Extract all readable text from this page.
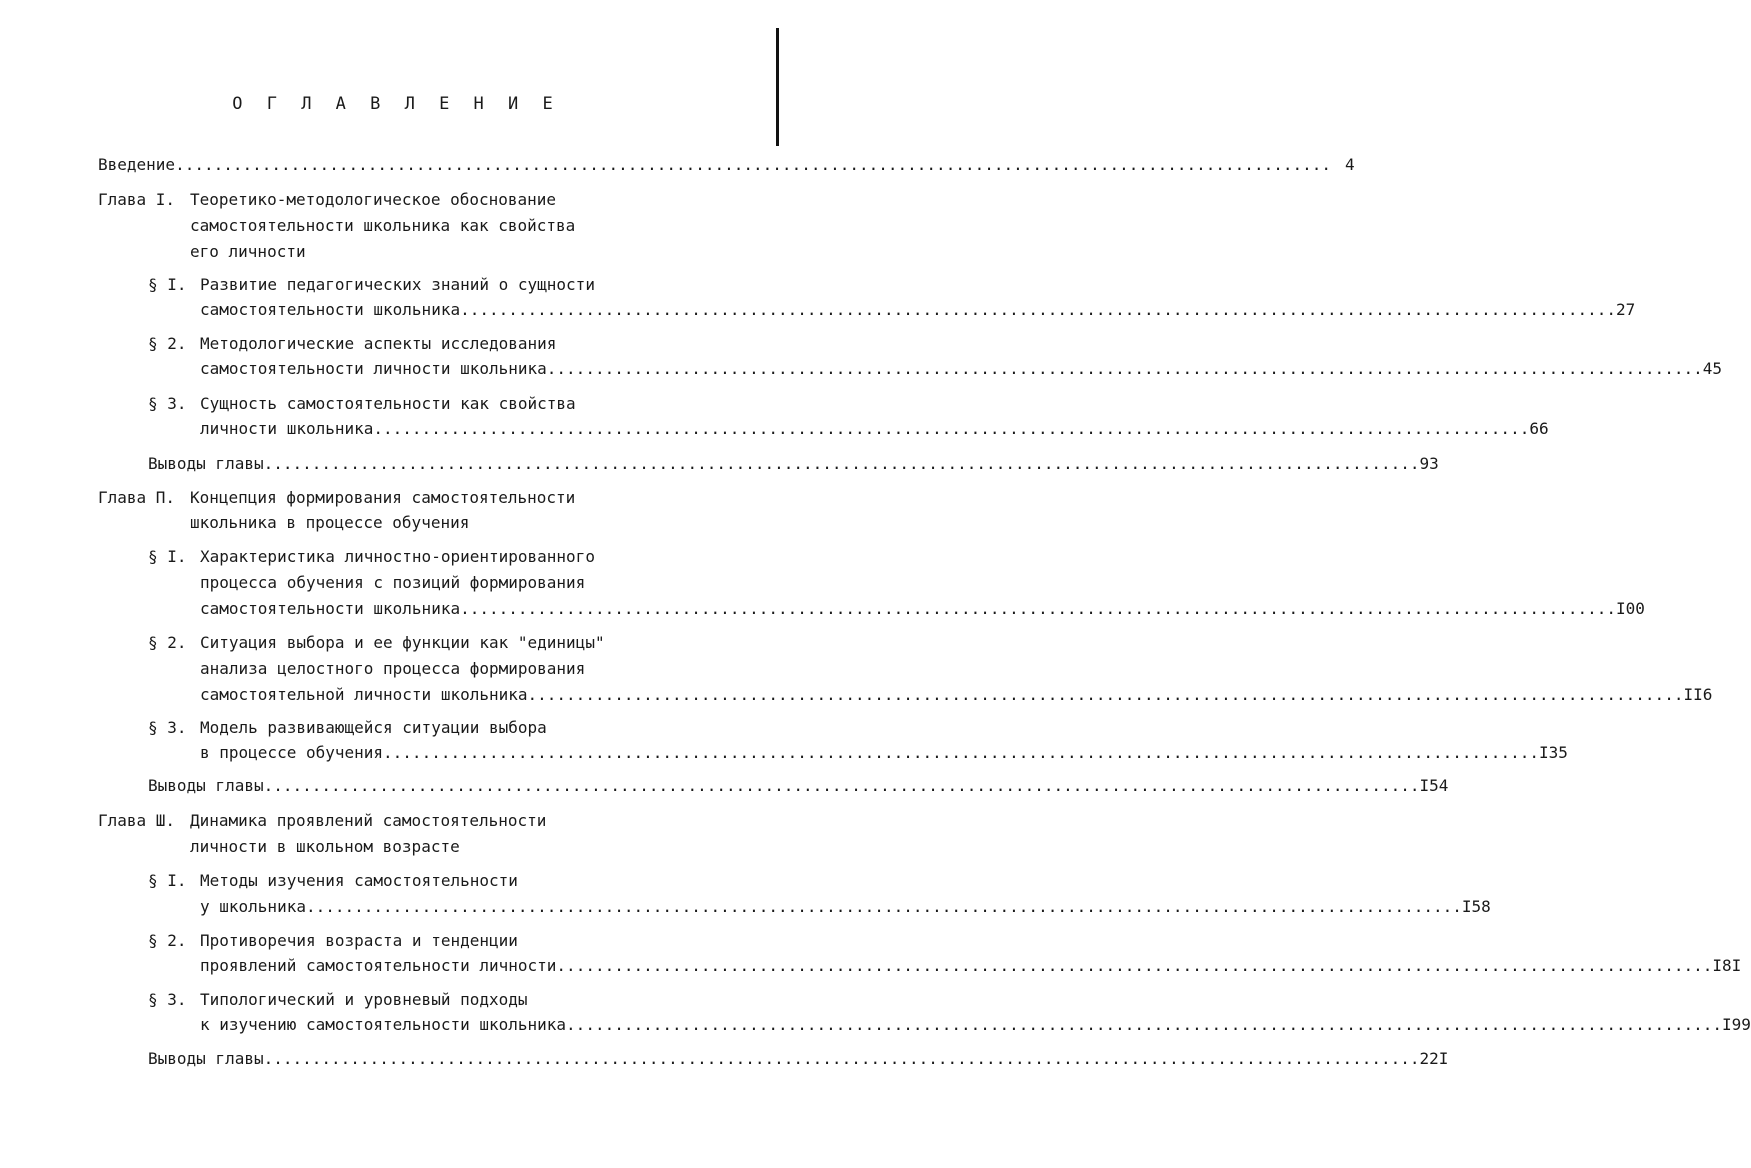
О Г Л А В Л Е Н И Е
Введение ........................................................................................................................ 4
Глава I. Теоретико-методологическое обоснование
самостоятельности школьника как свойства
его личности
§ I. Развитие педагогических знаний о сущности
самостоятельности школьника ........................................................................................................................ 27
§ 2. Методологические аспекты исследования
самостоятельности личности школьника ........................................................................................................................ 45
§ 3. Сущность самостоятельности как свойства
личности школьника ........................................................................................................................ 66
Выводы главы ........................................................................................................................ 93
Глава П. Концепция формирования самостоятельности
школьника в процессе обучения
§ I. Характеристика личностно-ориентированного
процесса обучения с позиций формирования
самостоятельности школьника ........................................................................................................................ I00
§ 2. Ситуация выбора и ее функции как "единицы"
анализа целостного процесса формирования
самостоятельной личности школьника ........................................................................................................................ II6
§ 3. Модель развивающейся ситуации выбора
в процессе обучения ........................................................................................................................ I35
Выводы главы ........................................................................................................................ I54
Глава Ш. Динамика проявлений самостоятельности
личности в школьном возрасте
§ I. Методы изучения самостоятельности
у школьника ........................................................................................................................ I58
§ 2. Противоречия возраста и тенденции
проявлений самостоятельности личности ........................................................................................................................ I8I
§ 3. Типологический и уровневый подходы
к изучению самостоятельности школьника ........................................................................................................................ I99
Выводы главы ........................................................................................................................ 22I
